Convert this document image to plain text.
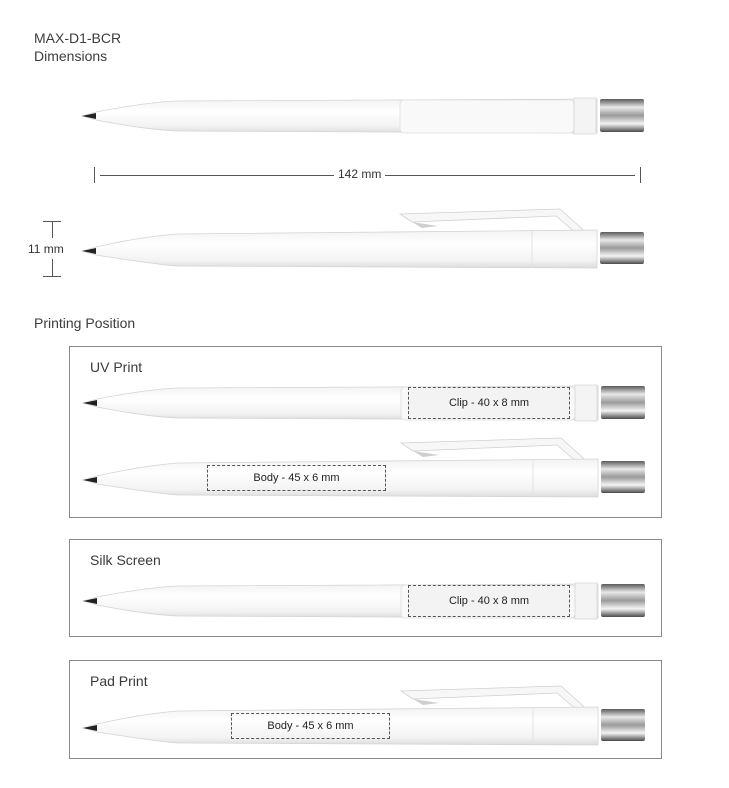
MAX-D1-BCR
Dimensions
142 mm
11 mm
Printing Position
UV Print
Clip - 40 x 8 mm
Body - 45 x 6 mm
Silk Screen
Clip - 40 x 8 mm
Pad Print
Body - 45 x 6 mm
